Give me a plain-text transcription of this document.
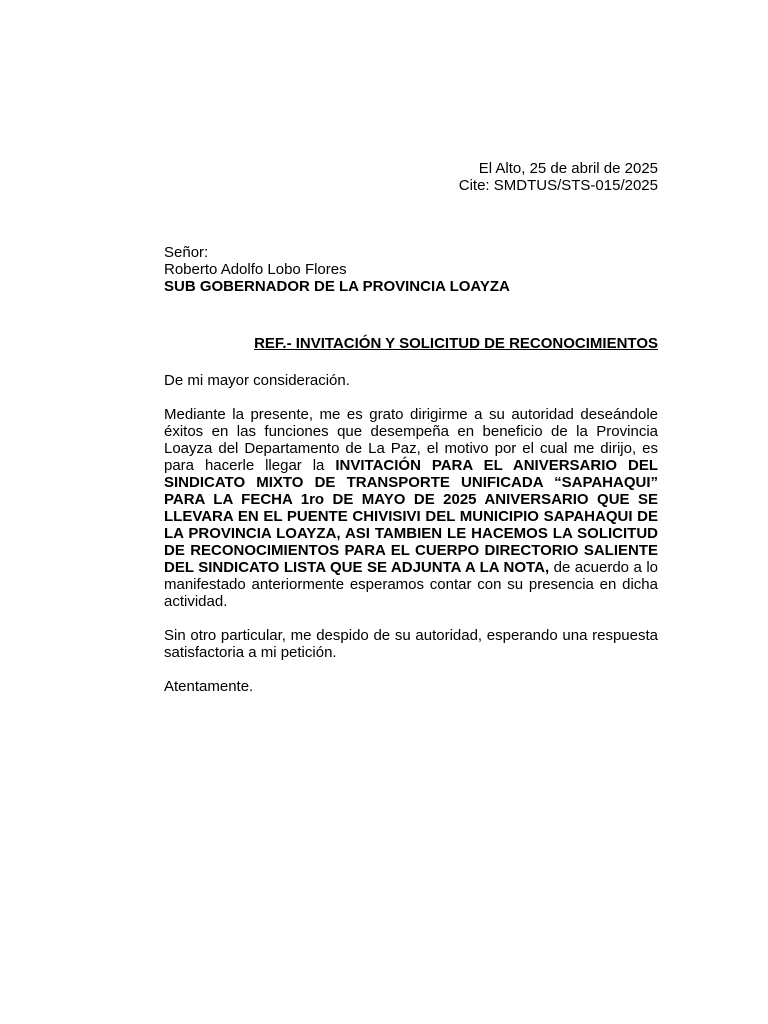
El Alto, 25 de abril de 2025
Cite: SMDTUS/STS-015/2025
Señor:
Roberto Adolfo Lobo Flores
SUB GOBERNADOR DE LA PROVINCIA LOAYZA
REF.- INVITACIÓN Y SOLICITUD DE RECONOCIMIENTOS
De mi mayor consideración.
Mediante la presente, me es grato dirigirme a su autoridad deseándole éxitos en las funciones que desempeña en beneficio de la Provincia Loayza del Departamento de La Paz, el motivo por el cual me dirijo, es para hacerle llegar la INVITACIÓN PARA EL ANIVERSARIO DEL SINDICATO MIXTO DE TRANSPORTE UNIFICADA “SAPAHAQUI” PARA LA FECHA 1ro DE MAYO DE 2025 ANIVERSARIO QUE SE LLEVARA EN EL PUENTE CHIVISIVI DEL MUNICIPIO SAPAHAQUI DE LA PROVINCIA LOAYZA, ASI TAMBIEN LE HACEMOS LA SOLICITUD DE RECONOCIMIENTOS PARA EL CUERPO DIRECTORIO SALIENTE DEL SINDICATO LISTA QUE SE ADJUNTA A LA NOTA, de acuerdo a lo manifestado anteriormente esperamos contar con su presencia en dicha actividad.
Sin otro particular, me despido de su autoridad, esperando una respuesta satisfactoria a mi petición.
Atentamente.
